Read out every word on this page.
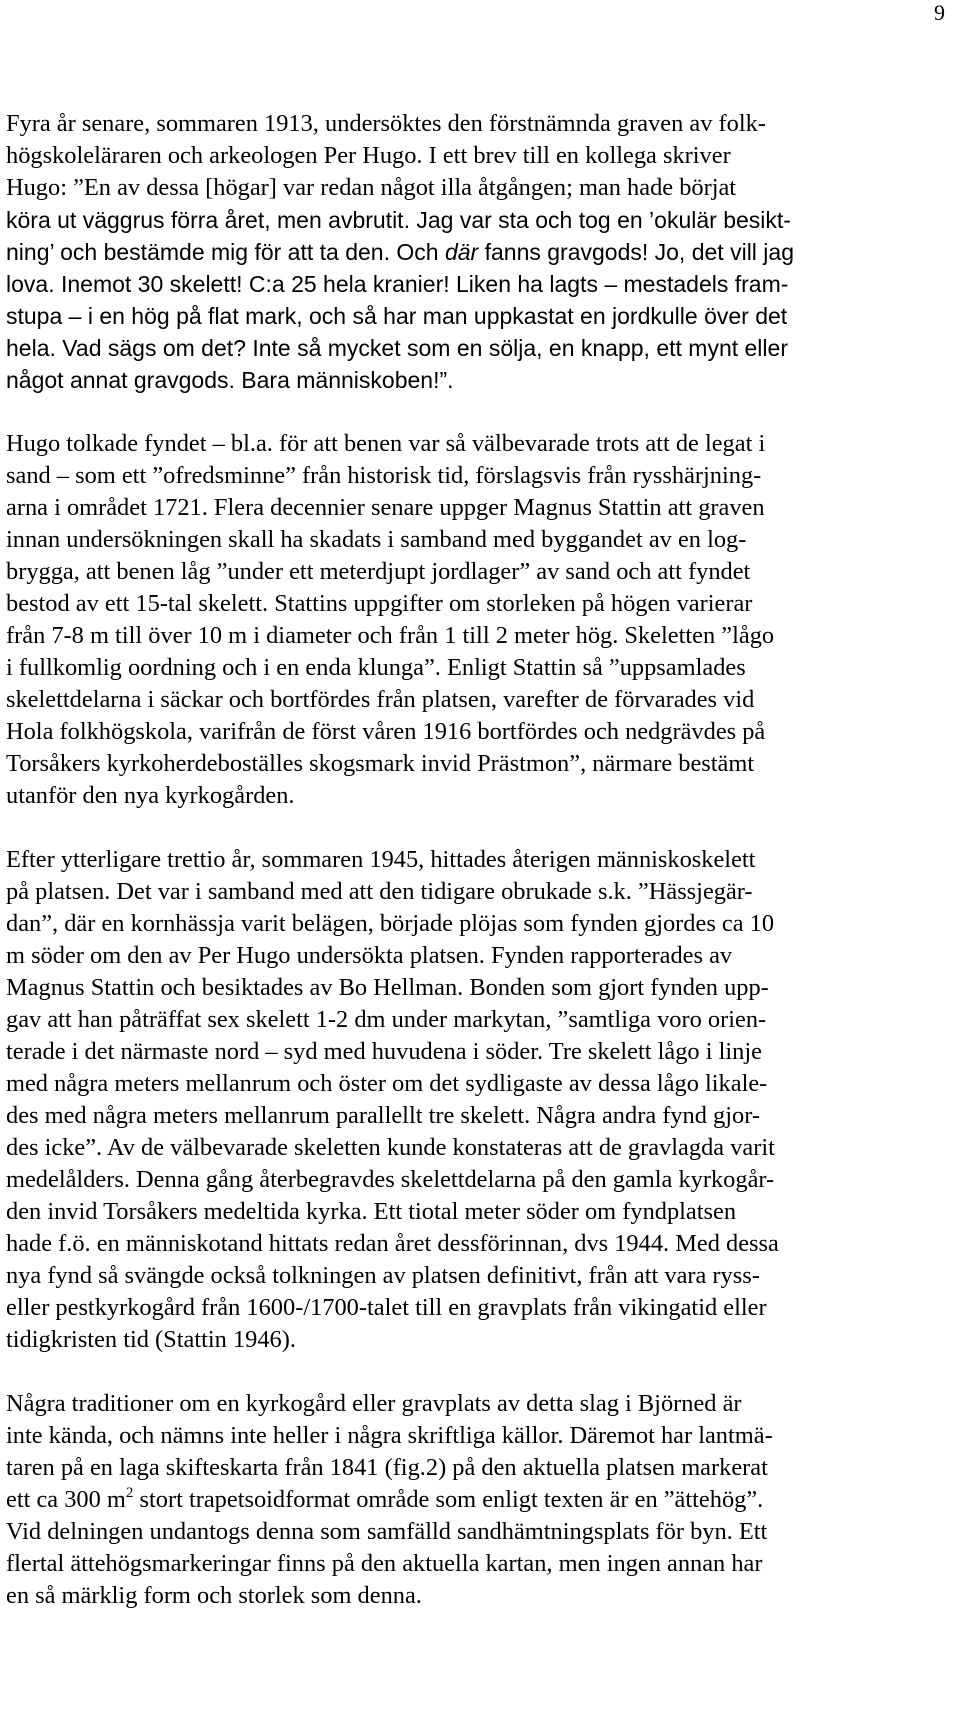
9

Fyra år senare, sommaren 1913, undersöktes den förstnämnda graven av folk-
högskoleläraren och arkeologen Per Hugo. I ett brev till en kollega skriver
Hugo: ”En av dessa [högar] var redan något illa åtgången; man hade börjat
köra ut väggrus förra året, men avbrutit. Jag var sta och tog en ’okulär besikt-
ning’ och bestämde mig för att ta den. Och där fanns gravgods! Jo, det vill jag
lova. Inemot 30 skelett! C:a 25 hela kranier! Liken ha lagts – mestadels fram-
stupa – i en hög på flat mark, och så har man uppkastat en jordkulle över det
hela. Vad sägs om det? Inte så mycket som en sölja, en knapp, ett mynt eller
något annat gravgods. Bara människoben!”.

Hugo tolkade fyndet – bl.a. för att benen var så välbevarade trots att de legat i
sand – som ett ”ofredsminne” från historisk tid, förslagsvis från rysshärjning-
arna i området 1721. Flera decennier senare uppger Magnus Stattin att graven
innan undersökningen skall ha skadats i samband med byggandet av en log-
brygga, att benen låg ”under ett meterdjupt jordlager” av sand och att fyndet
bestod av ett 15-tal skelett. Stattins uppgifter om storleken på högen varierar
från 7-8 m till över 10 m i diameter och från 1 till 2 meter hög. Skeletten ”lågo
i fullkomlig oordning och i en enda klunga”. Enligt Stattin så ”uppsamlades
skelettdelarna i säckar och bortfördes från platsen, varefter de förvarades vid
Hola folkhögskola, varifrån de först våren 1916 bortfördes och nedgrävdes på
Torsåkers kyrkoherdeboställes skogsmark invid Prästmon”, närmare bestämt
utanför den nya kyrkogården.

Efter ytterligare trettio år, sommaren 1945, hittades återigen människoskelett
på platsen. Det var i samband med att den tidigare obrukade s.k. ”Hässjegär-
dan”, där en kornhässja varit belägen, började plöjas som fynden gjordes ca 10
m söder om den av Per Hugo undersökta platsen. Fynden rapporterades av
Magnus Stattin och besiktades av Bo Hellman. Bonden som gjort fynden upp-
gav att han påträffat sex skelett 1-2 dm under markytan, ”samtliga voro orien-
terade i det närmaste nord – syd med huvudena i söder. Tre skelett lågo i linje
med några meters mellanrum och öster om det sydligaste av dessa lågo likale-
des med några meters mellanrum parallellt tre skelett. Några andra fynd gjor-
des icke”. Av de välbevarade skeletten kunde konstateras att de gravlagda varit
medelålders. Denna gång återbegravdes skelettdelarna på den gamla kyrkogår-
den invid Torsåkers medeltida kyrka. Ett tiotal meter söder om fyndplatsen
hade f.ö. en människotand hittats redan året dessförinnan, dvs 1944. Med dessa
nya fynd så svängde också tolkningen av platsen definitivt, från att vara ryss-
eller pestkyrkogård från 1600-/1700-talet till en gravplats från vikingatid eller
tidigkristen tid (Stattin 1946).

Några traditioner om en kyrkogård eller gravplats av detta slag i Björned är
inte kända, och nämns inte heller i några skriftliga källor. Däremot har lantmä-
taren på en laga skifteskarta från 1841 (fig.2) på den aktuella platsen markerat
ett ca 300 $m^2$ stort trapetsoidformat område som enligt texten är en ”ättehög”.
Vid delningen undantogs denna som samfälld sandhämtningsplats för byn. Ett
flertal ättehögsmarkeringar finns på den aktuella kartan, men ingen annan har
en så märklig form och storlek som denna.
